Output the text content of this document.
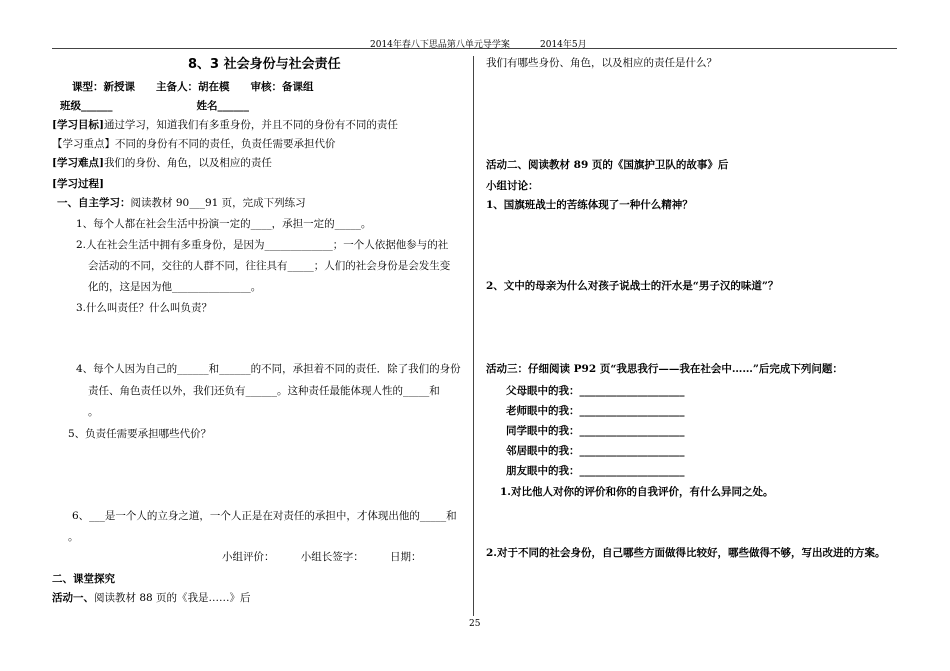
2014年春八下思品第八单元导学案	2014年5月
8、3 社会身份与社会责任
课型：新授课　　主备人：胡在模　　审核：备课组
班级______　　　　　　　　姓名______
[学习目标]通过学习，知道我们有多重身份，并且不同的身份有不同的责任
【学习重点】不同的身份有不同的责任，负责任需要承担代价
[学习难点]我们的身份、角色，以及相应的责任
[学习过程]
一、自主学习：阅读教材 90___91 页，完成下列练习
1、每个人都在社会生活中扮演一定的____，承担一定的_____。
2.人在社会生活中拥有多重身份，是因为_____________；一个人依据他参与的社
会活动的不同，交往的人群不同，往往具有_____；人们的社会身份是会发生变
化的，这是因为他_______________。
3.什么叫责任？什么叫负责？
4、每个人因为自己的______和______的不同，承担着不同的责任．除了我们的身份
责任、角色责任以外，我们还负有______。这种责任最能体现人性的_____和
。
5、负责任需要承担哪些代价？
6、___是一个人的立身之道，一个人正是在对责任的承担中，才体现出他的_____和
。
小组评价：　　　小组长签字：　　　日期：
二、课堂探究
活动一、阅读教材 88 页的《我是……》后
我们有哪些身份、角色，以及相应的责任是什么？
活动二、阅读教材 89 页的《国旗护卫队的故事》后
小组讨论：
1、国旗班战士的苦练体现了一种什么精神？
2、文中的母亲为什么对孩子说战士的汗水是“男子汉的味道”？
活动三：仔细阅读 P92 页“我思我行——我在社会中……”后完成下列问题：
父母眼中的我：____________________
老师眼中的我：____________________
同学眼中的我：____________________
邻居眼中的我：____________________
朋友眼中的我：____________________
1.对比他人对你的评价和你的自我评价，有什么异同之处。
2.对于不同的社会身份，自己哪些方面做得比较好，哪些做得不够，写出改进的方案。
25
